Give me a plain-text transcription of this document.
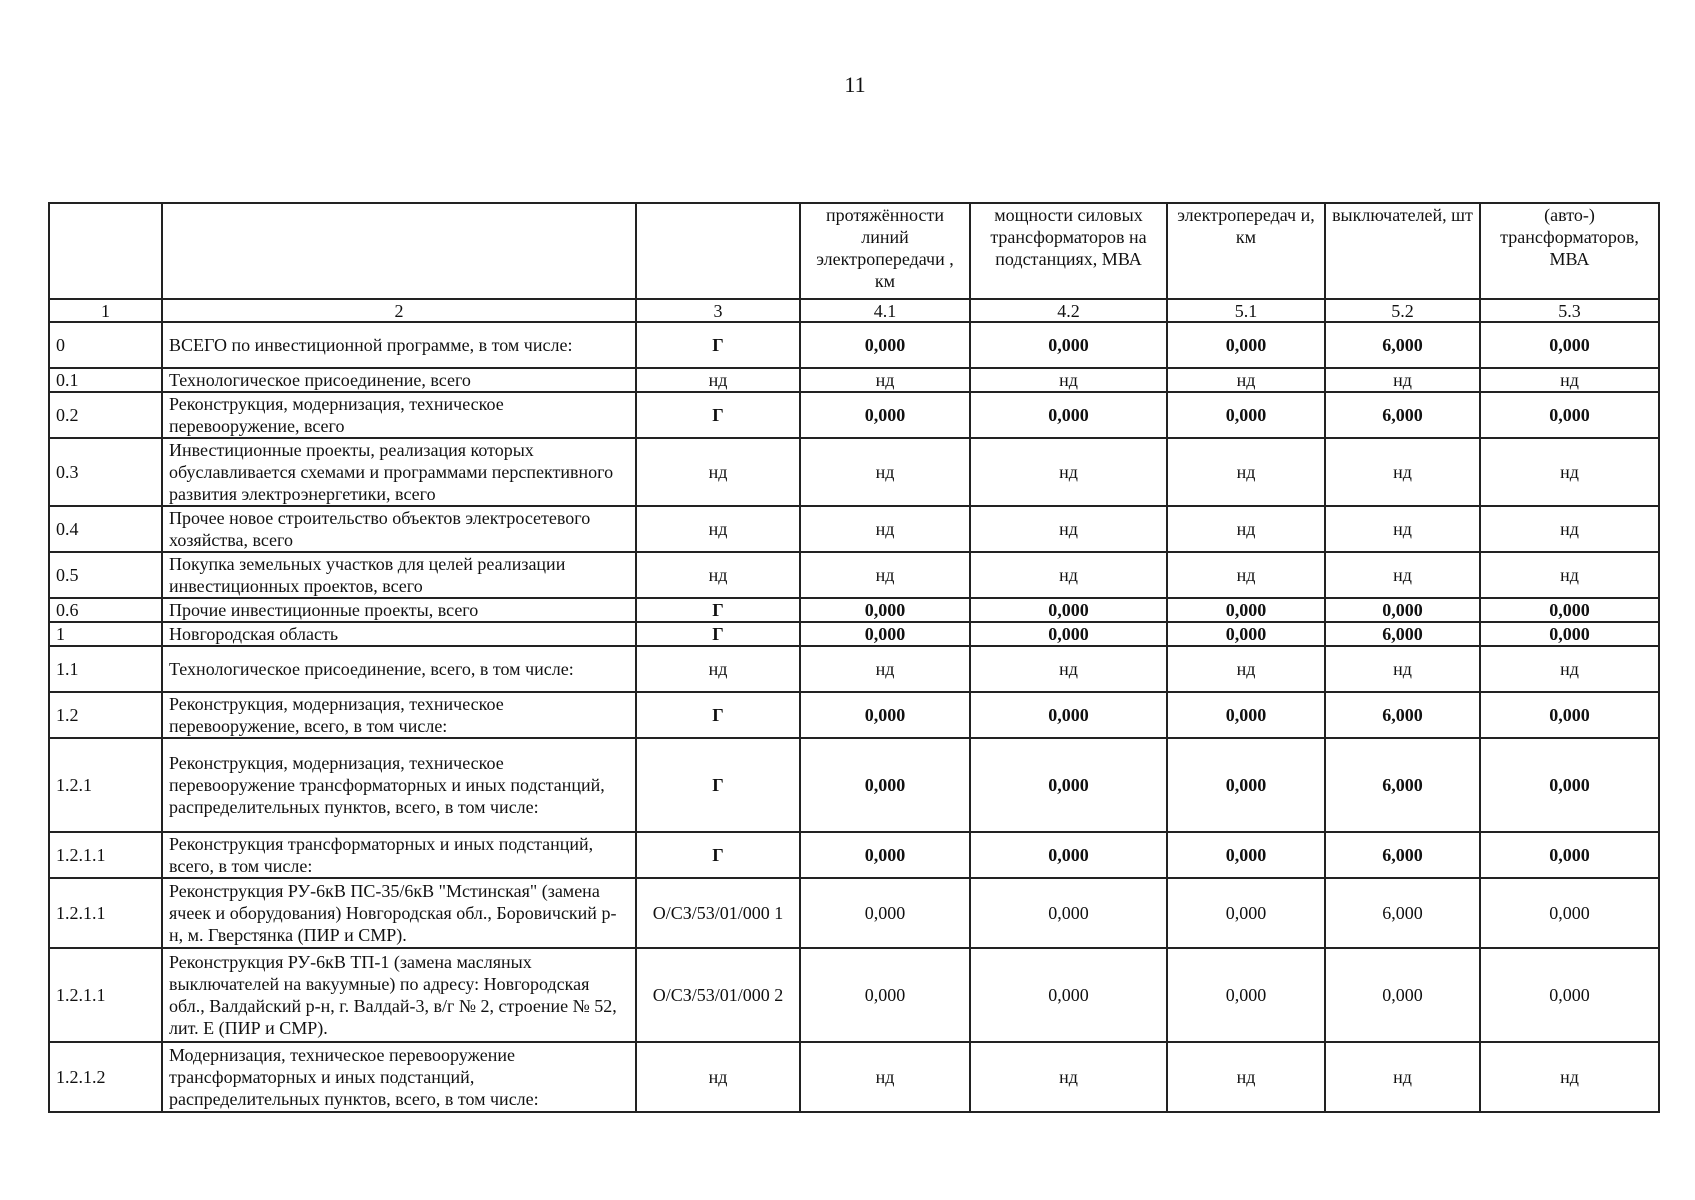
11
			протяжённости линий электропередачи , км	мощности силовых трансформаторов на подстанциях, МВА	электропередач и, км	выключателей, шт	(авто-) трансформаторов, МВА
1	2	3	4.1	4.2	5.1	5.2	5.3
0	ВСЕГО по инвестиционной программе, в том числе:	Г	0,000	0,000	0,000	6,000	0,000
0.1	Технологическое присоединение, всего	нд	нд	нд	нд	нд	нд
0.2	Реконструкция, модернизация, техническое перевооружение, всего	Г	0,000	0,000	0,000	6,000	0,000
0.3	Инвестиционные проекты, реализация которых обуславливается схемами и программами перспективного развития электроэнергетики, всего	нд	нд	нд	нд	нд	нд
0.4	Прочее новое строительство объектов электросетевого хозяйства, всего	нд	нд	нд	нд	нд	нд
0.5	Покупка земельных участков для целей реализации инвестиционных проектов, всего	нд	нд	нд	нд	нд	нд
0.6	Прочие инвестиционные проекты, всего	Г	0,000	0,000	0,000	0,000	0,000
1	Новгородская область	Г	0,000	0,000	0,000	6,000	0,000
1.1	Технологическое присоединение, всего, в том числе:	нд	нд	нд	нд	нд	нд
1.2	Реконструкция, модернизация, техническое перевооружение, всего, в том числе:	Г	0,000	0,000	0,000	6,000	0,000
1.2.1	Реконструкция, модернизация, техническое перевооружение трансформаторных и иных подстанций, распределительных пунктов, всего, в том числе:	Г	0,000	0,000	0,000	6,000	0,000
1.2.1.1	Реконструкция трансформаторных и иных подстанций, всего, в том числе:	Г	0,000	0,000	0,000	6,000	0,000
1.2.1.1	Реконструкция РУ-6кВ ПС-35/6кВ "Мстинская" (замена ячеек и оборудования) Новгородская обл., Боровичский р-н, м. Гверстянка (ПИР и СМР).	О/СЗ/53/01/000 1	0,000	0,000	0,000	6,000	0,000
1.2.1.1	Реконструкция РУ-6кВ ТП-1 (замена масляных выключателей на вакуумные) по адресу: Новгородская обл., Валдайский р-н, г. Валдай-3, в/г № 2, строение № 52, лит. Е (ПИР и СМР).	О/СЗ/53/01/000 2	0,000	0,000	0,000	0,000	0,000
1.2.1.2	Модернизация, техническое перевооружение трансформаторных и иных подстанций, распределительных пунктов, всего, в том числе:	нд	нд	нд	нд	нд	нд
